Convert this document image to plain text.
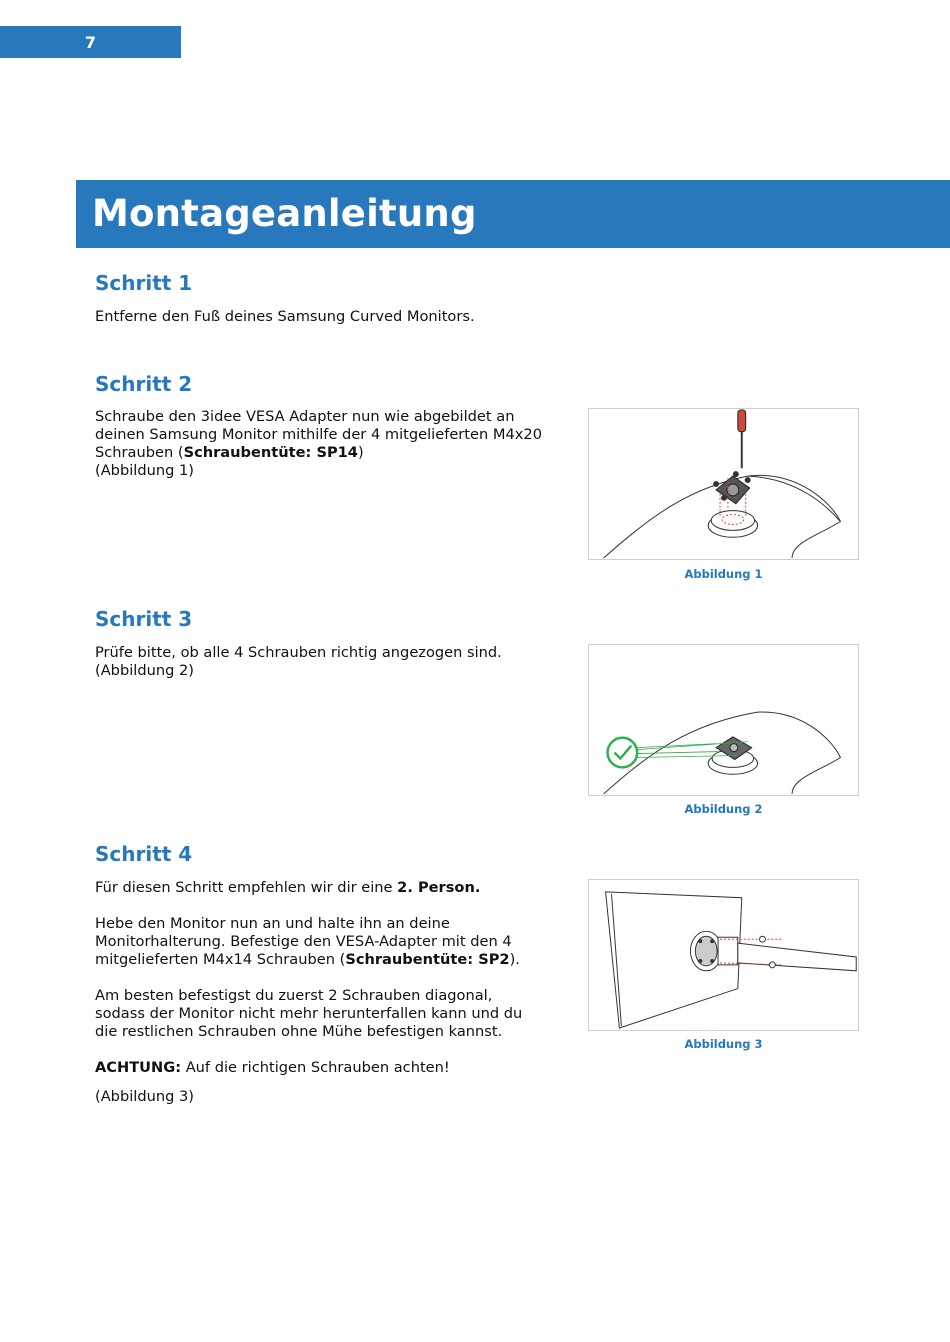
7
Montageanleitung
Schritt 1

Entferne den Fuß deines Samsung Curved Monitors.

Schritt 2

Schraube den 3idee VESA Adapter nun wie abgebildet an

deinen Samsung Monitor mithilfe der 4 mitgelieferten M4x20

Schrauben (Schraubentüte: SP14)

(Abbildung 1)

Abbildung 1
Schritt 3

Prüfe bitte, ob alle 4 Schrauben richtig angezogen sind.

(Abbildung 2)

Abbildung 2
Schritt 4

Für diesen Schritt empfehlen wir dir eine 2. Person.

Hebe den Monitor nun an und halte ihn an deine

Monitorhalterung. Befestige den VESA-Adapter mit den 4

mitgelieferten M4x14 Schrauben (Schraubentüte: SP2).

Am besten befestigst du zuerst 2 Schrauben diagonal,

sodass der Monitor nicht mehr herunterfallen kann und du

die restlichen Schrauben ohne Mühe befestigen kannst.

ACHTUNG: Auf die richtigen Schrauben achten!

(Abbildung 3)

Abbildung 3
